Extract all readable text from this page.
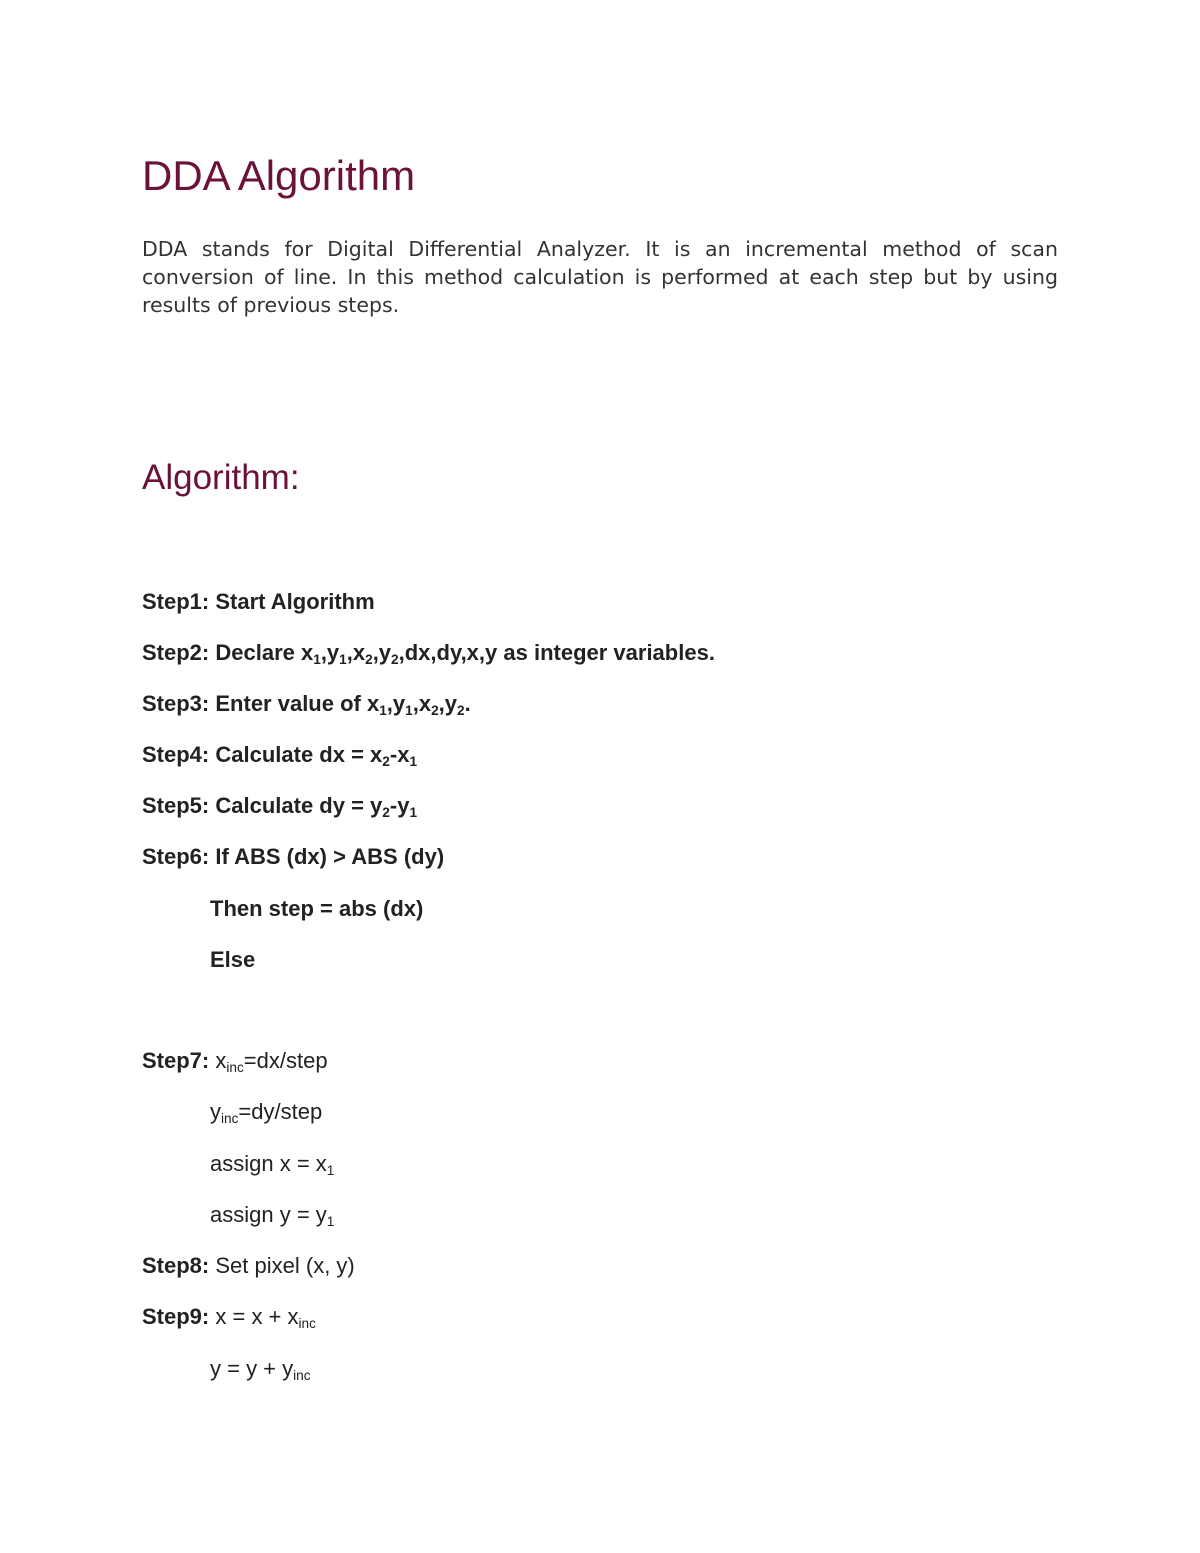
DDA Algorithm

DDA stands for Digital Differential Analyzer. It is an incremental method of scan conversion of line. In this method calculation is performed at each step but by using results of previous steps.

Algorithm:
Step1: Start Algorithm
Step2: Declare $x_1,y_1,x_2,y_2,dx,dy,x,y$ as integer variables.
Step3: Enter value of $x_1,y_1,x_2,y_2$.
Step4: Calculate dx = $x_2-x_1$
Step5: Calculate dy = $y_2-y_1$
Step6: If ABS (dx) > ABS (dy)
Then step = abs (dx)
Else
Step7: $x_{inc}=dx$/step
$y_{inc}=dy$/step
assign $x = x_1$
assign $y = y_1$
Step8: Set pixel (x, y)
Step9: $x = x + x_{inc}$
$y = y + y_{inc}$
